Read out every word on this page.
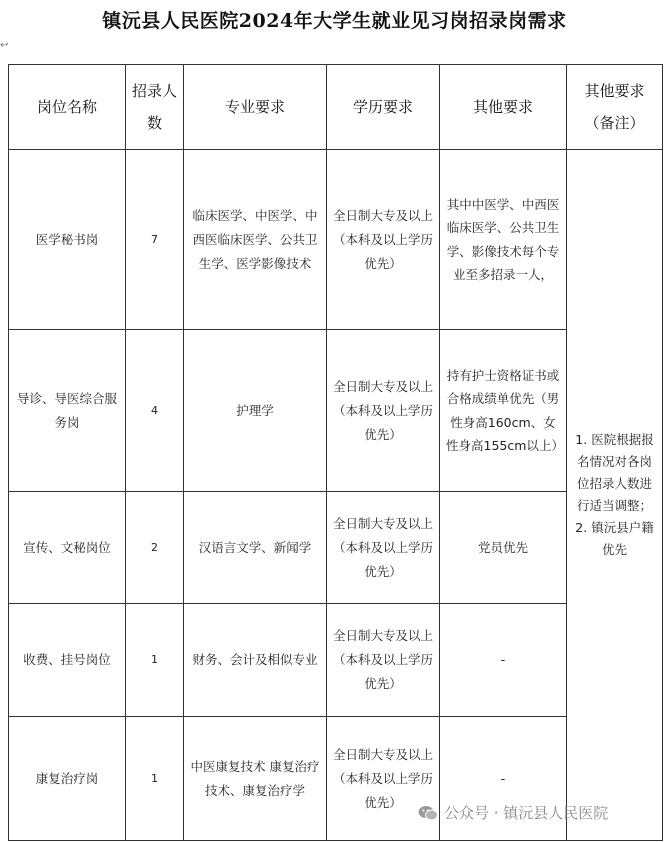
镇沅县人民医院2024年大学生就业见习岗招录岗需求
↩
岗位名称	招录人数	专业要求	学历要求	其他要求	其他要求（备注）
医学秘书岗	7	临床医学、中医学、中西医临床医学、公共卫生学、医学影像技术	全日制大专及以上（本科及以上学历优先）	其中中医学、中西医临床医学、公共卫生学、影像技术每个专业至多招录一人，	1. 医院根据报名情况对各岗位招录人数进行适当调整；
2. 镇沅县户籍优先

导诊、导医综合服务岗	4	护理学	全日制大专及以上（本科及以上学历优先）	持有护士资格证书或合格成绩单优先（男性身高160cm、女性身高155cm以上）	
宣传、文秘岗位	2	汉语言文学、新闻学	全日制大专及以上（本科及以上学历优先）	党员优先	
收费、挂号岗位	1	财务、会计及相似专业	全日制大专及以上（本科及以上学历优先）	-	
康复治疗岗	1	中医康复技术 康复治疗技术、康复治疗学	全日制大专及以上（本科及以上学历优先）	-	
公众号 · 镇沅县人民医院
